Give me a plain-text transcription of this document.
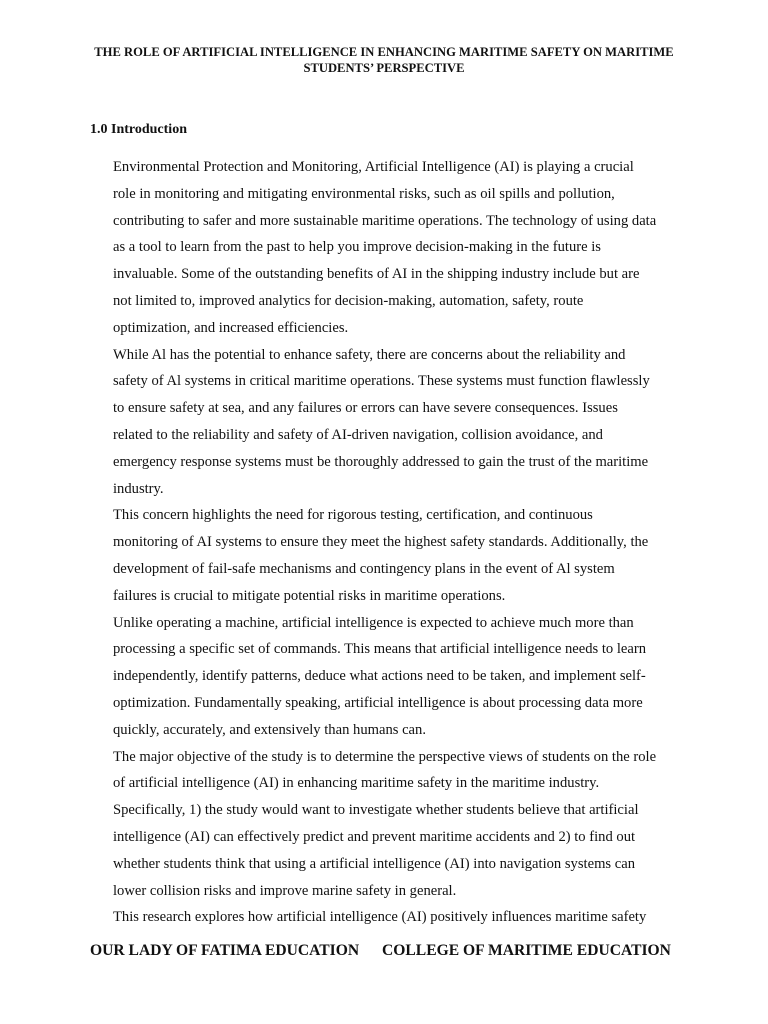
THE ROLE OF ARTIFICIAL INTELLIGENCE IN ENHANCING MARITIME SAFETY ON MARITIME
STUDENTS’ PERSPECTIVE
1.0 Introduction
Environmental Protection and Monitoring, Artificial Intelligence (AI) is playing a crucial
role in monitoring and mitigating environmental risks, such as oil spills and pollution,
contributing to safer and more sustainable maritime operations. The technology of using data
as a tool to learn from the past to help you improve decision-making in the future is
invaluable. Some of the outstanding benefits of AI in the shipping industry include but are
not limited to, improved analytics for decision-making, automation, safety, route
optimization, and increased efficiencies.
While Al has the potential to enhance safety, there are concerns about the reliability and
safety of Al systems in critical maritime operations. These systems must function flawlessly
to ensure safety at sea, and any failures or errors can have severe consequences. Issues
related to the reliability and safety of AI-driven navigation, collision avoidance, and
emergency response systems must be thoroughly addressed to gain the trust of the maritime
industry.
This concern highlights the need for rigorous testing, certification, and continuous
monitoring of AI systems to ensure they meet the highest safety standards. Additionally, the
development of fail-safe mechanisms and contingency plans in the event of Al system
failures is crucial to mitigate potential risks in maritime operations.
Unlike operating a machine, artificial intelligence is expected to achieve much more than
processing a specific set of commands. This means that artificial intelligence needs to learn
independently, identify patterns, deduce what actions need to be taken, and implement self-
optimization. Fundamentally speaking, artificial intelligence is about processing data more
quickly, accurately, and extensively than humans can.
The major objective of the study is to determine the perspective views of students on the role
of artificial intelligence (AI) in enhancing maritime safety in the maritime industry.
Specifically, 1) the study would want to investigate whether students believe that artificial
intelligence (AI) can effectively predict and prevent maritime accidents and 2) to find out
whether students think that using a artificial intelligence (AI) into navigation systems can
lower collision risks and improve marine safety in general.
This research explores how artificial intelligence (AI) positively influences maritime safety
OUR LADY OF FATIMA EDUCATION COLLEGE OF MARITIME EDUCATION
